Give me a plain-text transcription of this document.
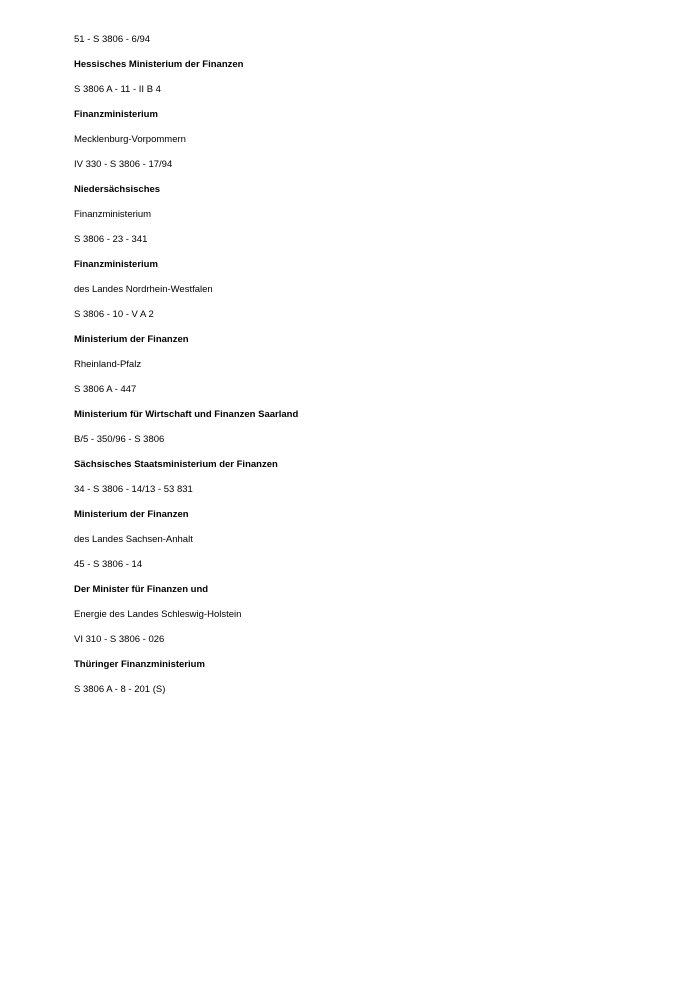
51 - S 3806 - 6/94
Hessisches Ministerium der Finanzen
S 3806 A - 11 - II B 4
Finanzministerium
Mecklenburg-Vorpommern
IV 330 - S 3806 - 17/94
Niedersächsisches
Finanzministerium
S 3806 - 23 - 341
Finanzministerium
des Landes Nordrhein-Westfalen
S 3806 - 10 - V A 2
Ministerium der Finanzen
Rheinland-Pfalz
S 3806 A - 447
Ministerium für Wirtschaft und Finanzen Saarland
B/5 - 350/96 - S 3806
Sächsisches Staatsministerium der Finanzen
34 - S 3806 - 14/13 - 53 831
Ministerium der Finanzen
des Landes Sachsen-Anhalt
45 - S 3806 - 14
Der Minister für Finanzen und
Energie des Landes Schleswig-Holstein
VI 310 - S 3806 - 026
Thüringer Finanzministerium
S 3806 A - 8 - 201 (S)
